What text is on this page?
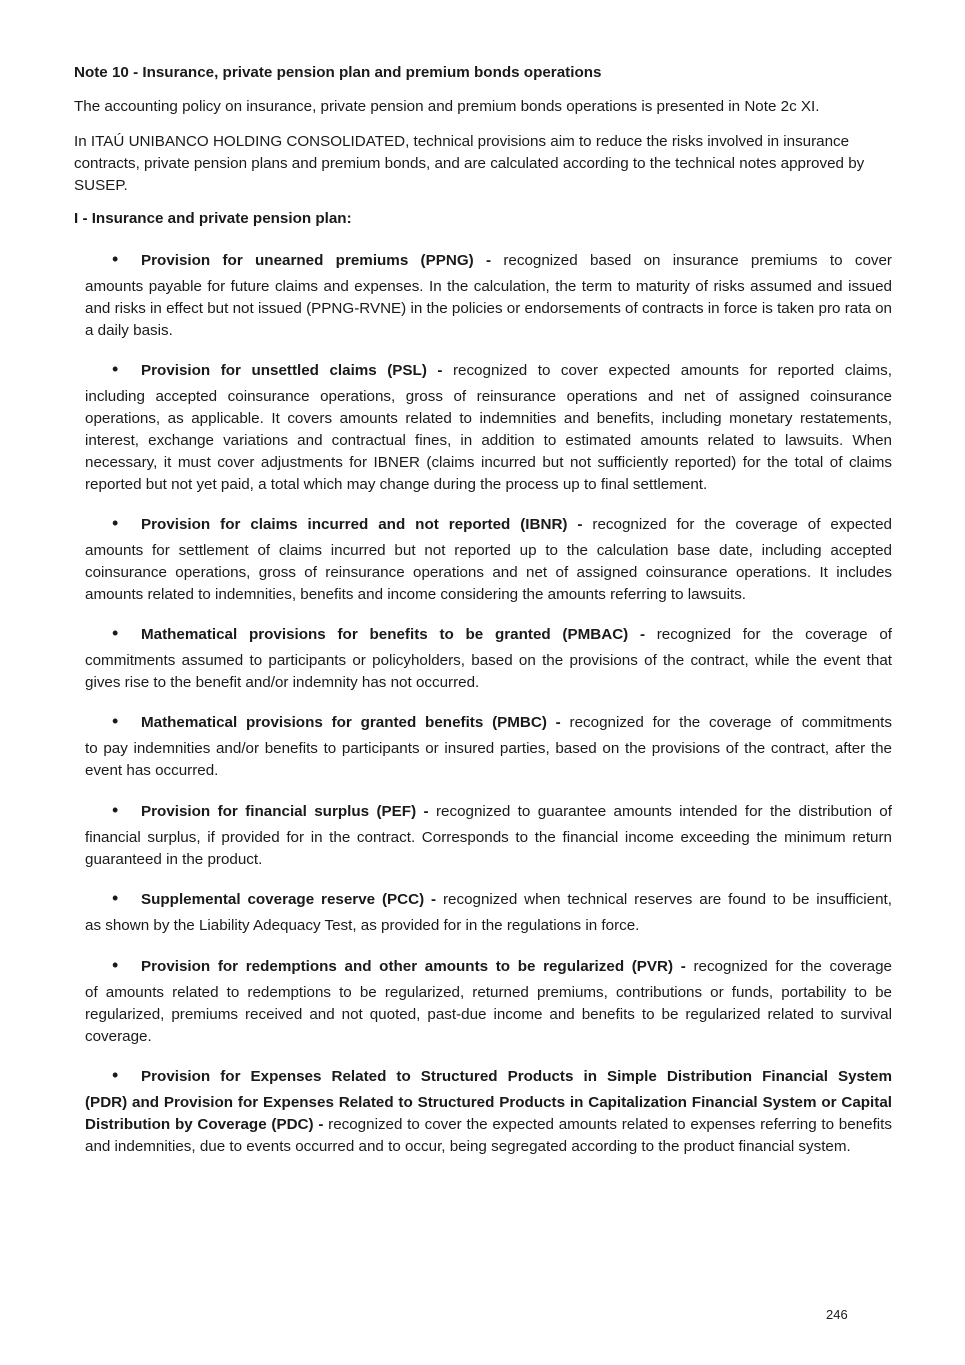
Note 10 - Insurance, private pension plan and premium bonds operations

The accounting policy on insurance, private pension and premium bonds operations is presented in Note 2c XI.

In ITAÚ UNIBANCO HOLDING CONSOLIDATED, technical provisions aim to reduce the risks involved in insurance contracts, private pension plans and premium bonds, and are calculated according to the technical notes approved by SUSEP.

I - Insurance and private pension plan:

• Provision for unearned premiums (PPNG) - recognized based on insurance premiums to cover
amounts payable for future claims and expenses. In the calculation, the term to maturity of risks assumed and issued and risks in effect but not issued (PPNG-RVNE) in the policies or endorsements of contracts in force is taken pro rata on a daily basis.
• Provision for unsettled claims (PSL) - recognized to cover expected amounts for reported claims,
including accepted coinsurance operations, gross of reinsurance operations and net of assigned coinsurance operations, as applicable. It covers amounts related to indemnities and benefits, including monetary restatements, interest, exchange variations and contractual fines, in addition to estimated amounts related to lawsuits. When necessary, it must cover adjustments for IBNER (claims incurred but not sufficiently reported) for the total of claims reported but not yet paid, a total which may change during the process up to final settlement.
• Provision for claims incurred and not reported (IBNR) - recognized for the coverage of expected
amounts for settlement of claims incurred but not reported up to the calculation base date, including accepted coinsurance operations, gross of reinsurance operations and net of assigned coinsurance operations. It includes amounts related to indemnities, benefits and income considering the amounts referring to lawsuits.
• Mathematical provisions for benefits to be granted (PMBAC) - recognized for the coverage of
commitments assumed to participants or policyholders, based on the provisions of the contract, while the event that gives rise to the benefit and/or indemnity has not occurred.
• Mathematical provisions for granted benefits (PMBC) - recognized for the coverage of commitments
to pay indemnities and/or benefits to participants or insured parties, based on the provisions of the contract, after the event has occurred.
• Provision for financial surplus (PEF) - recognized to guarantee amounts intended for the distribution of
financial surplus, if provided for in the contract. Corresponds to the financial income exceeding the minimum return guaranteed in the product.
• Supplemental coverage reserve (PCC) - recognized when technical reserves are found to be insufficient,
as shown by the Liability Adequacy Test, as provided for in the regulations in force.
• Provision for redemptions and other amounts to be regularized (PVR) - recognized for the coverage
of amounts related to redemptions to be regularized, returned premiums, contributions or funds, portability to be regularized, premiums received and not quoted, past-due income and benefits to be regularized related to survival coverage.
• Provision for Expenses Related to Structured Products in Simple Distribution Financial System
(PDR) and Provision for Expenses Related to Structured Products in Capitalization Financial System or Capital Distribution by Coverage (PDC) - recognized to cover the expected amounts related to expenses referring to benefits and indemnities, due to events occurred and to occur, being segregated according to the product financial system.

246
